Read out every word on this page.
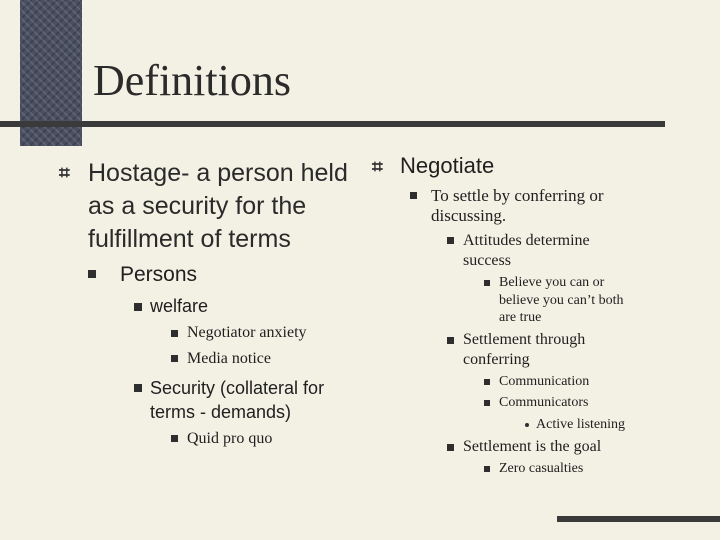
Definitions
⌗ Hostage- a person held
as a security for the
fulfillment of terms
Persons
welfare
Negotiator anxiety
Media notice
Security (collateral for
terms - demands)
Quid pro quo
⌗ Negotiate
To settle by conferring or
discussing.
Attitudes determine
success
Believe you can or
believe you can’t both
are true
Settlement through
conferring
Communication
Communicators
Active listening
Settlement is the goal
Zero casualties
